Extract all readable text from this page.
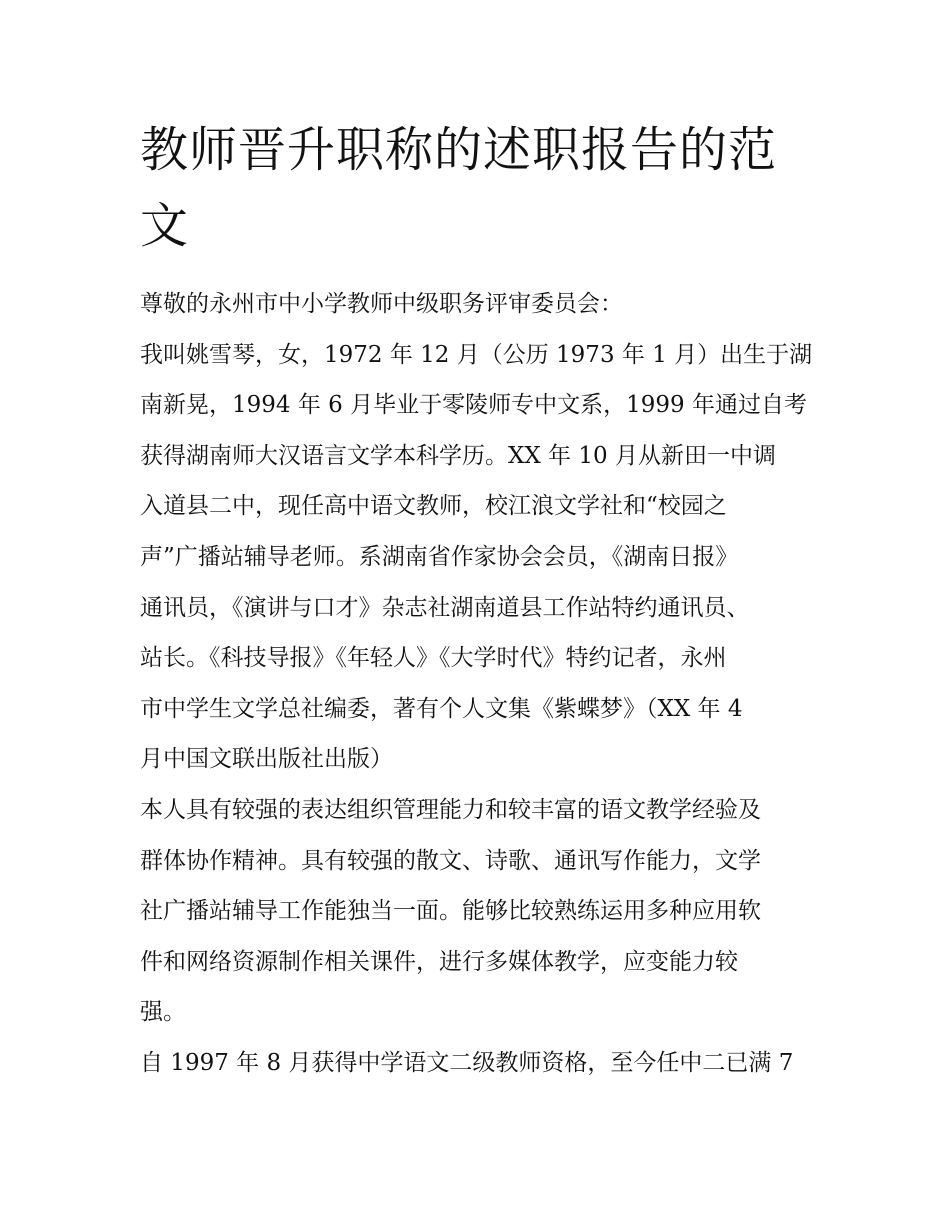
教师晋升职称的述职报告的范
文
尊敬的永州市中小学教师中级职务评审委员会：
我叫姚雪琴，女，1972 年 12 月（公历 1973 年 1 月）出生于湖
南新晃，1994 年 6 月毕业于零陵师专中文系，1999 年通过自考
获得湖南师大汉语言文学本科学历。XX 年 10 月从新田一中调
入道县二中，现任高中语文教师，校江浪文学社和“校园之
声”广播站辅导老师。系湖南省作家协会会员，《湖南日报》
通讯员，《演讲与口才》杂志社湖南道县工作站特约通讯员、
站长。《科技导报》《年轻人》《大学时代》特约记者，永州
市中学生文学总社编委，著有个人文集《紫蝶梦》（XX 年 4
月中国文联出版社出版）
本人具有较强的表达组织管理能力和较丰富的语文教学经验及
群体协作精神。具有较强的散文、诗歌、通讯写作能力，文学
社广播站辅导工作能独当一面。能够比较熟练运用多种应用软
件和网络资源制作相关课件，进行多媒体教学，应变能力较
强。
自 1997 年 8 月获得中学语文二级教师资格，至今任中二已满 7
